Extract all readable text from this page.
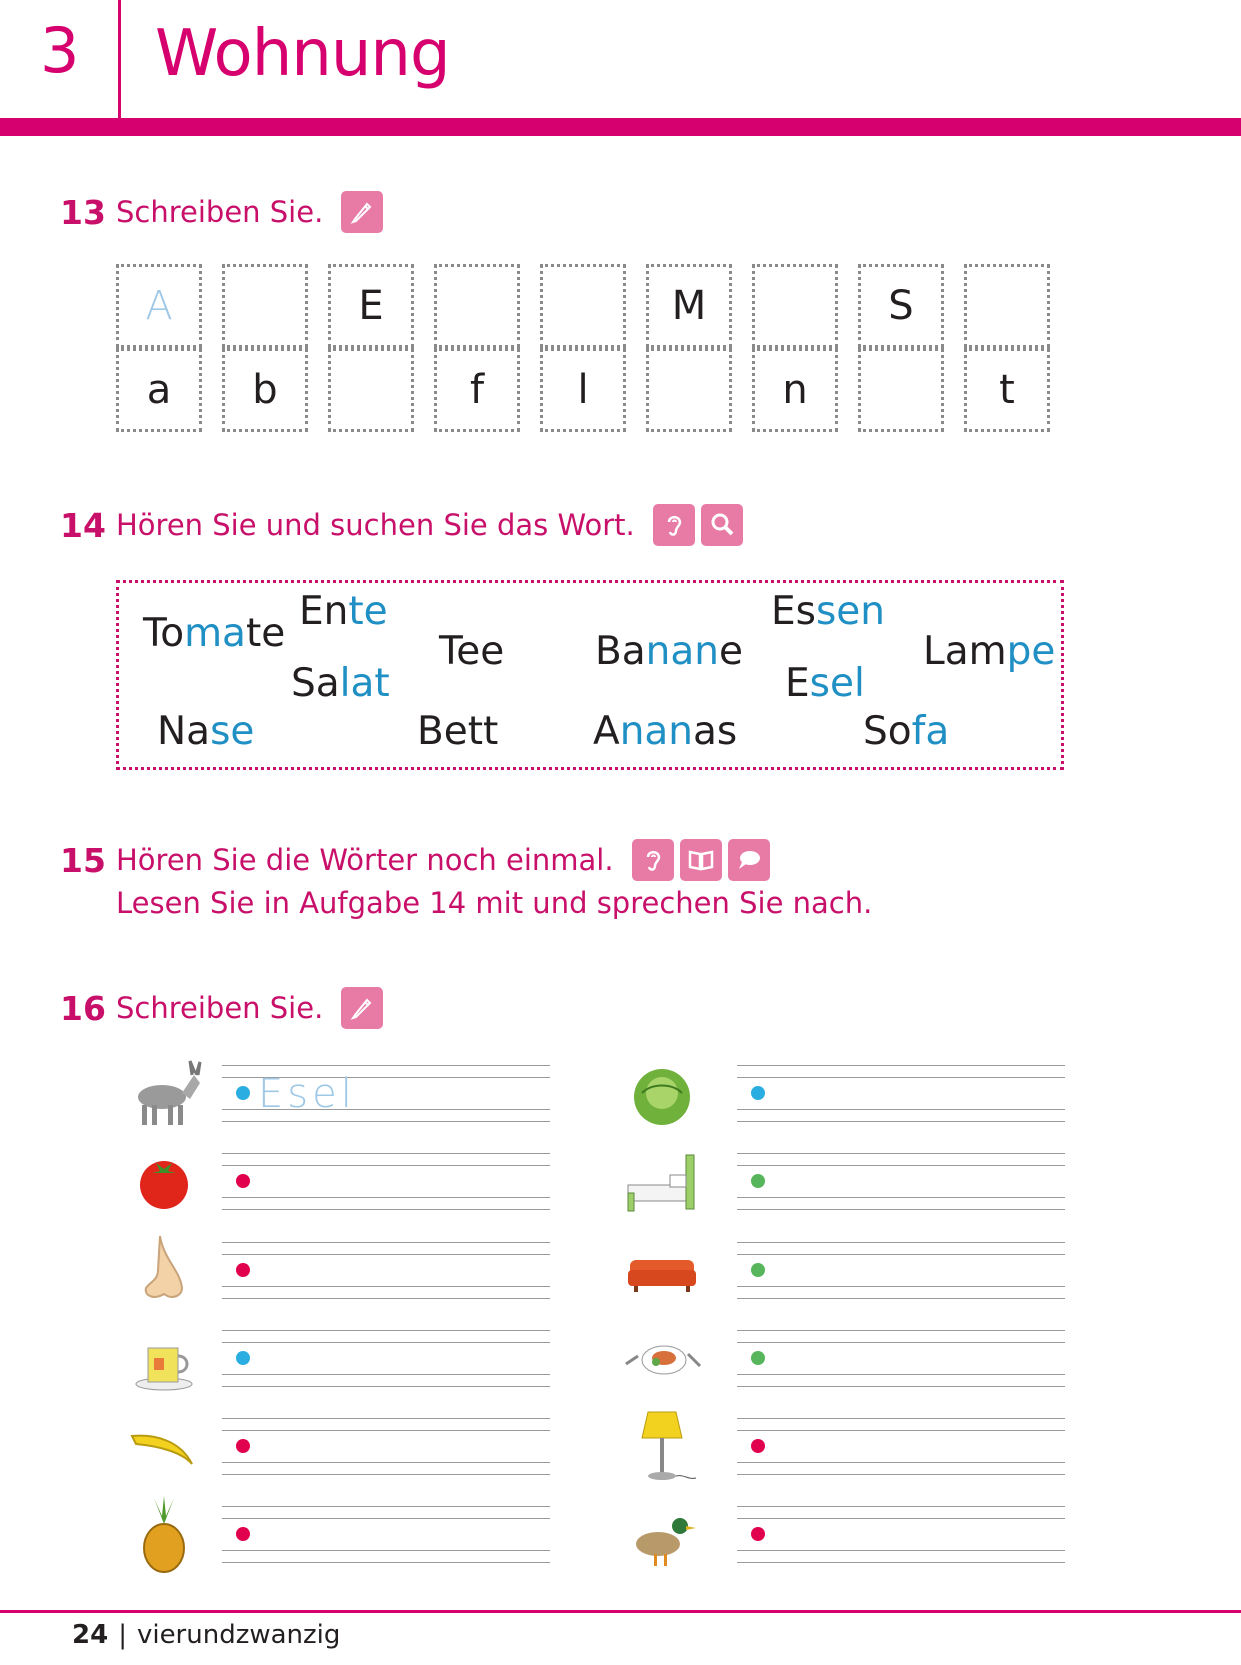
3 Wohnung
13 Schreiben Sie.
A
a	b
E
f	l
M
n
S
t
14 Hören Sie und suchen Sie das Wort.
Tomate Ente
Salat
Nase
Tee
Bett
Banane
Ananas
Essen
Esel
Sofa
Lampe
15 Hören Sie die Wörter noch einmal.
Lesen Sie in Aufgabe 14 mit und sprechen Sie nach.
16 Schreiben Sie.
Esel
24 | vierundzwanzig
